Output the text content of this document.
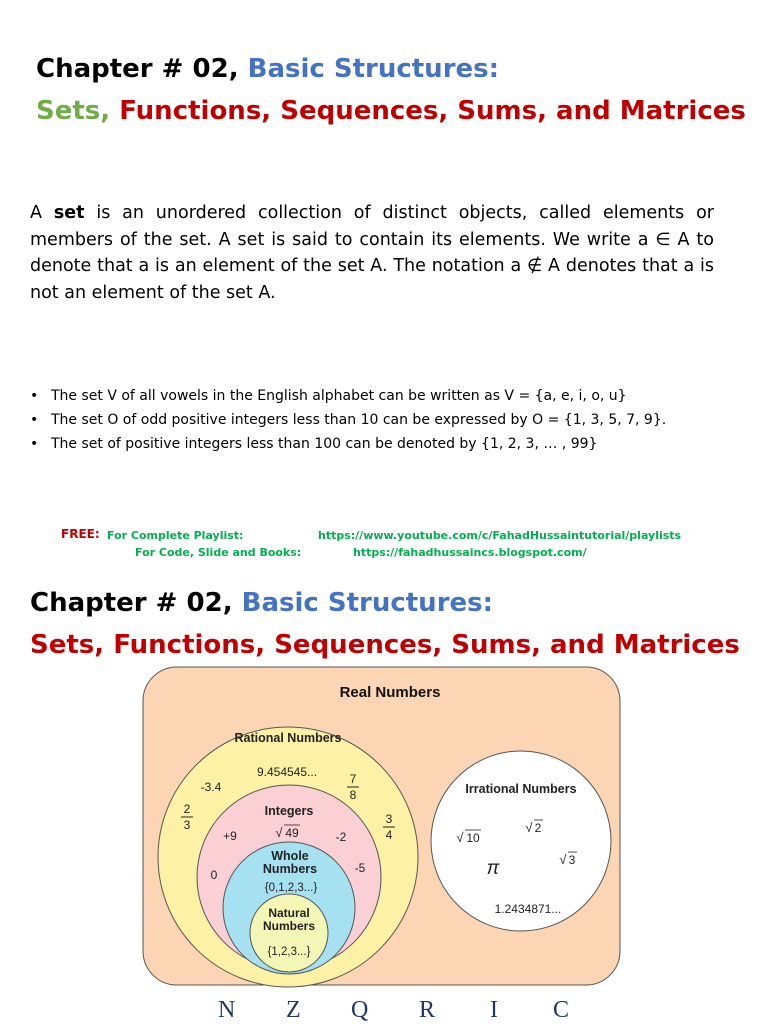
Chapter # 02, Basic Structures:
Sets, Functions, Sequences, Sums, and Matrices
A set is an unordered collection of distinct objects, called elements or members of the set. A set is said to contain its elements. We write a ∈ A to denote that a is an element of the set A. The notation a ∉ A denotes that a is not an element of the set A.
• The set V of all vowels in the English alphabet can be written as V = {a, e, i, o, u}
• The set O of odd positive integers less than 10 can be expressed by O = {1, 3, 5, 7, 9}.
• The set of positive integers less than 100 can be denoted by {1, 2, 3, … , 99}
FREE: For Complete Playlist:	https://www.youtube.com/c/FahadHussaintutorial/playlists
For Code, Slide and Books:	https://fahadhussaincs.blogspot.com/
Chapter # 02, Basic Structures:
Sets, Functions, Sequences, Sums, and Matrices
Real Numbers
Rational Numbers
9.454545...
-3.4
7
8
2
3	3
4
Integers
+9	√ 49	-2
-5
0
Whole
Numbers
{0,1,2,3...}
Natural
Numbers
{1,2,3...}
Irrational Numbers
√ 10
√ 2
√ 3
π
1.2434871...
N Z Q R I C
